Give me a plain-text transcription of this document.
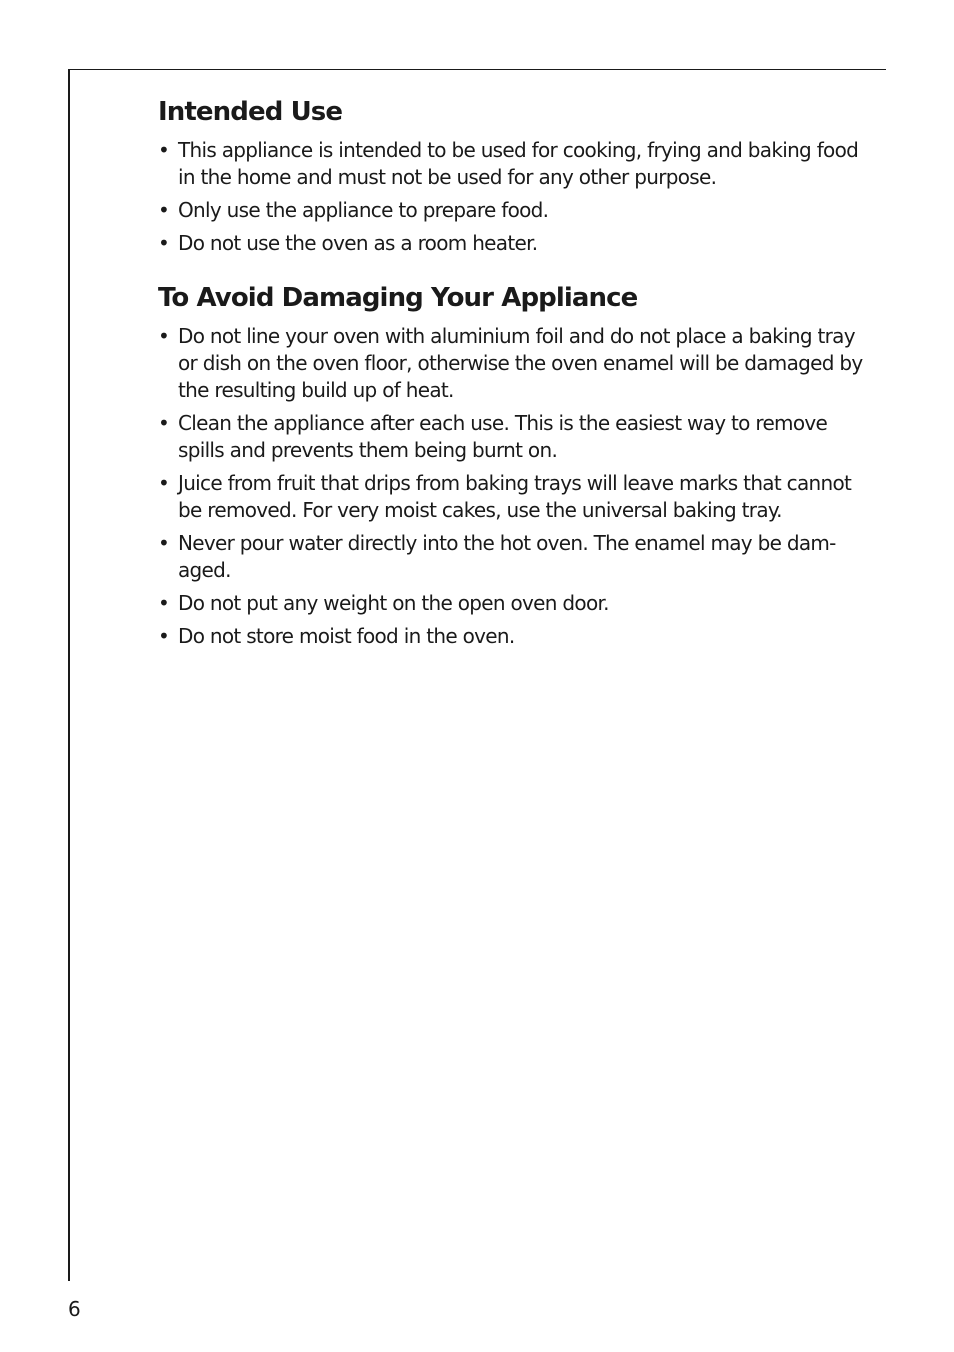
Intended Use
• This appliance is intended to be used for cooking, frying and baking food in the home and must not be used for any other purpose.
• Only use the appliance to prepare food.
• Do not use the oven as a room heater.
To Avoid Damaging Your Appliance
• Do not line your oven with aluminium foil and do not place a baking tray or dish on the oven floor, otherwise the oven enamel will be damaged by the resulting build up of heat.
• Clean the appliance after each use. This is the easiest way to remove spills and prevents them being burnt on.
• Juice from fruit that drips from baking trays will leave marks that cannot be removed. For very moist cakes, use the universal baking tray.
• Never pour water directly into the hot oven. The enamel may be dam-aged.
• Do not put any weight on the open oven door.
• Do not store moist food in the oven.
6
